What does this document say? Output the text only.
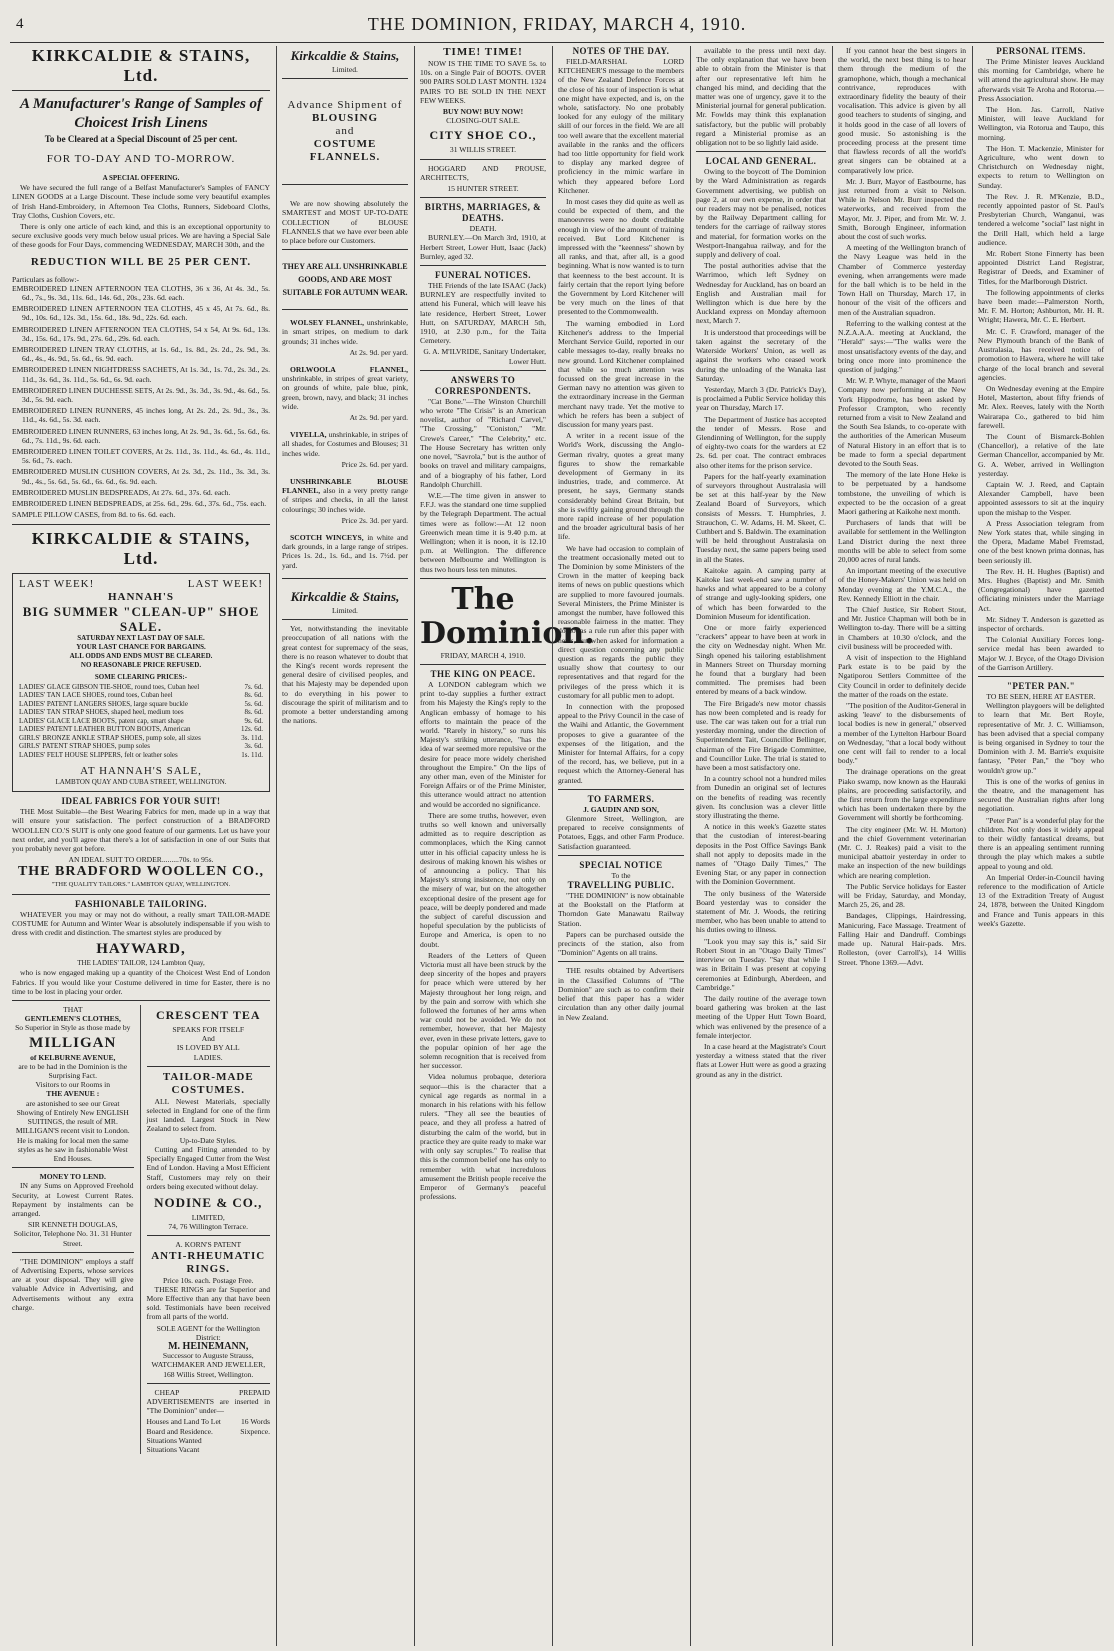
4	THE DOMINION, FRIDAY, MARCH 4, 1910.
KIRKCALDIE & STAINS, Ltd.
A Manufacturer's Range of Samples of Choicest Irish Linens
To be Cleared at a Special Discount of 25 per cent.
FOR TO-DAY AND TO-MORROW.
A SPECIAL OFFERING.

We have secured the full range of a Belfast Manufacturer's Samples of FANCY LINEN GOODS at a Large Discount. These include some very beautiful examples of Irish Hand-Embroidery, in Afternoon Tea Cloths, Runners, Sideboard Cloths, Tray Cloths, Cushion Covers, etc.

There is only one article of each kind, and this is an exceptional opportunity to secure exclusive goods very much below usual prices. We are having a Special Sale of these goods for Four Days, commencing WEDNESDAY, MARCH 30th, and the

REDUCTION WILL BE 25 PER CENT.
Particulars as follow:-
EMBROIDERED LINEN AFTERNOON TEA CLOTHS, 36 x 36, At 4s. 3d., 5s. 6d., 7s., 9s. 3d., 11s. 6d., 14s. 6d., 20s., 23s. 6d. each.
EMBROIDERED LINEN AFTERNOON TEA CLOTHS, 45 x 45, At 7s. 6d., 8s. 9d., 10s. 6d., 12s. 3d., 15s. 6d., 18s. 9d., 22s. 6d. each.
EMBROIDERED LINEN AFTERNOON TEA CLOTHS, 54 x 54, At 9s. 6d., 13s. 3d., 15s. 6d., 17s. 9d., 27s. 6d., 29s. 6d. each.
EMBROIDERED LINEN TRAY CLOTHS, at 1s. 6d., 1s. 8d., 2s. 2d., 2s. 9d., 3s. 6d., 4s., 4s. 9d., 5s. 6d., 6s. 9d. each.
EMBROIDERED LINEN NIGHTDRESS SACHETS, At 1s. 3d., 1s. 7d., 2s. 3d., 2s. 11d., 3s. 6d., 3s. 11d., 5s. 6d., 6s. 9d. each.
EMBROIDERED LINEN DUCHESSE SETS, At 2s. 9d., 3s. 3d., 3s. 9d., 4s. 6d., 5s. 3d., 5s. 9d. each.
EMBROIDERED LINEN RUNNERS, 45 inches long, At 2s. 2d., 2s. 9d., 3s., 3s. 11d., 4s. 6d., 5s. 3d. each.
EMBROIDERED LINEN RUNNERS, 63 inches long, At 2s. 9d., 3s. 6d., 5s. 6d., 6s. 6d., 7s. 11d., 9s. 6d. each.
EMBROIDERED LINEN TOILET COVERS, At 2s. 11d., 3s. 11d., 4s. 6d., 4s. 11d., 5s. 6d., 7s. each.
EMBROIDERED MUSLIN CUSHION COVERS, At 2s. 3d., 2s. 11d., 3s. 3d., 3s. 9d., 4s., 5s. 6d., 5s. 6d., 6s. 6d., 6s. 9d. each.
EMBROIDERED MUSLIN BEDSPREADS, At 27s. 6d., 37s. 6d. each.
EMBROIDERED LINEN BEDSPREADS, at 25s. 6d., 29s. 6d., 37s. 6d., 75s. each.
SAMPLE PILLOW CASES, from 8d. to 6s. 6d. each.
KIRKCALDIE & STAINS, Ltd.
LAST WEEK!	LAST WEEK!
HANNAH'S
BIG SUMMER "CLEAN-UP" SHOE SALE.
SATURDAY NEXT LAST DAY OF SALE.
YOUR LAST CHANCE FOR BARGAINS.
ALL ODDS AND ENDS MUST BE CLEARED.
NO REASONABLE PRICE REFUSED.
SOME CLEARING PRICES:-
LADIES' GLACE GIBSON TIE-SHOE, round toes, Cuban heel	7s. 6d.
LADIES' TAN LACE SHOES, round toes, Cuban heel	8s. 6d.
LADIES' PATENT LANGERS SHOES, large square buckle	5s. 6d.
LADIES' TAN STRAP SHOES, shaped heel, medium toes	8s. 6d.
LADIES' GLACE LACE BOOTS, patent cap, smart shape	9s. 6d.
LADIES' PATENT LEATHER BUTTON BOOTS, American	12s. 6d.
GIRLS' BRONZE ANKLE STRAP SHOES, pump sole, all sizes	3s. 11d.
GIRLS' PATENT STRAP SHOES, pump soles	3s. 6d.
LADIES' FELT HOUSE SLIPPERS, felt or leather soles	1s. 11d.
AT HANNAH'S SALE,
LAMBTON QUAY AND CUBA STREET, WELLINGTON.
IDEAL FABRICS FOR YOUR SUIT!

THE Most Suitable—the Best Wearing Fabrics for men, made up in a way that will ensure your satisfaction. The perfect construction of a BRADFORD WOOLLEN CO.'S SUIT is only one good feature of our garments. Let us have your next order, and you'll agree that there's a lot of satisfaction in one of our Suits that you probably never got before.

AN IDEAL SUIT TO ORDER.........70s. to 95s.
THE BRADFORD WOOLLEN CO.,
"THE QUALITY TAILORS." LAMBTON QUAY, WELLINGTON.
FASHIONABLE TAILORING.

WHATEVER you may or may not do without, a really smart TAILOR-MADE COSTUME for Autumn and Winter Wear is absolutely indispensable if you wish to dress with credit and distinction. The smartest styles are produced by

HAYWARD,
THE LADIES' TAILOR, 124 Lambton Quay,

who is now engaged making up a quantity of the Choicest West End of London Fabrics. If you would like your Costume delivered in time for Easter, there is no time to be lost in placing your order.

THAT
GENTLEMEN'S CLOTHES,
So Superior in Style as those made by
MILLIGAN
of KELBURNE AVENUE,
are to be had in the Dominion is the Surprising Fact.
Visitors to our Rooms in
THE AVENUE :
are astonished to see our Great Showing of Entirely New ENGLISH SUITINGS, the result of MR. MILLIGAN'S recent visit to London. He is making for local men the same styles as he saw in fashionable West End Houses.
MONEY TO LEND.

IN any Sums on Approved Freehold Security, at Lowest Current Rates. Repayment by instalments can be arranged.

SIR KENNETH DOUGLAS,
Solicitor, Telephone No. 31. 31 Hunter Street.

"THE DOMINION" employs a staff of Advertising Experts, whose services are at your disposal. They will give valuable Advice in Advertising, and Advertisements without any extra charge.

CRESCENT TEA
SPEAKS FOR ITSELF
And
IS LOVED BY ALL
LADIES.
TAILOR-MADE
COSTUMES.

ALL Newest Materials, specially selected in England for one of the firm just landed. Largest Stock in New Zealand to select from.

Up-to-Date Styles.

Cutting and Fitting attended to by Specially Engaged Cutter from the West End of London. Having a Most Efficient Staff, Customers may rely on their orders being executed without delay.

NODINE & CO.,
LIMITED,
74, 76 Willington Terrace.
A. KORN'S PATENT
ANTI-RHEUMATIC
RINGS.
Price 10s. each. Postage Free.

THESE RINGS are far Superior and More Effective than any that have been sold. Testimonials have been received from all parts of the world.

SOLE AGENT for the Wellington District:
M. HEINEMANN,
Successor to Auguste Strauss,
WATCHMAKER AND JEWELLER,
168 Willis Street, Wellington.

CHEAP PREPAID ADVERTISEMENTS are inserted in "The Dominion" under—

Houses and Land To Let
Board and Residence.
Situations Wanted
Situations Vacant
16 Words
Sixpence.
Kirkcaldie & Stains,
Limited.
Advance Shipment of
BLOUSING
and
COSTUME FLANNELS.

We are now showing absolutely the SMARTEST and MOST UP-TO-DATE COLLECTION of BLOUSE FLANNELS that we have ever been able to place before our Customers.

THEY ARE ALL UNSHRINKABLE GOODS, AND ARE MOST SUITABLE FOR AUTUMN WEAR.

WOLSEY FLANNEL, unshrinkable, in smart stripes, on medium to dark grounds; 31 inches wide.

At 2s. 9d. per yard.

ORLWOOLA FLANNEL, unshrinkable, in stripes of great variety, on grounds of white, pale blue, pink, green, brown, navy, and black; 31 inches wide.

At 2s. 9d. per yard.

VIYELLA, unshrinkable, in stripes of all shades, for Costumes and Blouses; 31 inches wide.

Price 2s. 6d. per yard.

UNSHRINKABLE BLOUSE FLANNEL, also in a very pretty range of stripes and checks, in all the latest colourings; 30 inches wide.

Price 2s. 3d. per yard.

SCOTCH WINCEYS, in white and dark grounds, in a large range of stripes. Prices 1s. 2d., 1s. 6d., and 1s. 7½d. per yard.

Kirkcaldie & Stains,
Limited.

Yet, notwithstanding the inevitable preoccupation of all nations with the great contest for supremacy of the seas, there is no reason whatever to doubt that the King's recent words represent the general desire of civilised peoples, and that his Majesty may be depended upon to do everything in his power to discourage the spirit of militarism and to promote a better understanding among the nations.

TIME! TIME!

NOW IS THE TIME TO SAVE 5s. to 10s. on a Single Pair of BOOTS. OVER 900 PAIRS SOLD LAST MONTH. 1324 PAIRS TO BE SOLD IN THE NEXT FEW WEEKS.

BUY NOW! BUY NOW!
CLOSING-OUT SALE.
CITY SHOE CO.,
31 WILLIS STREET.

HOGGARD AND PROUSE, ARCHITECTS,

15 HUNTER STREET.
BIRTHS, MARRIAGES, & DEATHS.
DEATH.

BURNLEY.—On March 3rd, 1910, at Herbert Street, Lower Hutt, Isaac (Jack) Burnley, aged 32.

FUNERAL NOTICES.

THE Friends of the late ISAAC (Jack) BURNLEY are respectfully invited to attend his Funeral, which will leave his late residence, Herbert Street, Lower Hutt, on SATURDAY, MARCH 5th, 1910, at 2.30 p.m., for the Taita Cemetery.

G. A. M'ILVRIDE, Sanitary Undertaker, Lower Hutt.
ANSWERS TO CORRESPONDENTS.

"Cat Bone."—The Winston Churchill who wrote "The Crisis" is an American novelist, author of "Richard Carvel," "The Crossing," "Coniston," "Mr. Crewe's Career," "The Celebrity," etc. The House Secretary has written only one novel, "Savrola," but is the author of books on travel and military campaigns, and of a biography of his father, Lord Randolph Churchill.

W.E.—The time given in answer to F.F.J. was the standard one time supplied by the Telegraph Department. The actual times were as follow:—At 12 noon Greenwich mean time it is 9.40 p.m. at Wellington; when it is noon, it is 12.10 p.m. at Wellington. The difference between Melbourne and Wellington is thus two hours less ten minutes.

The Dominion.
FRIDAY, MARCH 4, 1910.
THE KING ON PEACE.

A LONDON cablegram which we print to-day supplies a further extract from his Majesty the King's reply to the Anglican embassy of homage to his efforts to maintain the peace of the world. "Rarely in history," so runs his Majesty's striking utterance, "has the idea of war seemed more repulsive or the desire for peace more widely cherished throughout the Empire." On the lips of any other man, even of the Minister for Foreign Affairs or of the Prime Minister, this utterance would attract no attention and would be accorded no significance.

There are some truths, however, even truths so well known and universally admitted as to require description as commonplaces, which the King cannot utter in his official capacity unless he is desirous of making known his wishes or of announcing a policy. That his Majesty's strong insistence, not only on the misery of war, but on the altogether exceptional desire of the present age for peace, will be deeply pondered and made the subject of careful discussion and hopeful speculation by the publicists of Europe and America, is open to no doubt.

Readers of the Letters of Queen Victoria must all have been struck by the deep sincerity of the hopes and prayers for peace which were uttered by her Majesty throughout her long reign, and by the pain and sorrow with which she followed the fortunes of her arms when war could not be avoided. We do not remember, however, that her Majesty ever, even in these private letters, gave to the popular opinion of her age the solemn recognition that is received from her successor.

Videa nolumus probaque, deteriora sequor—this is the character that a cynical age regards as normal in a monarch in his relations with his fellow rulers. "They all see the beauties of peace, and they all profess a hatred of disturbing the calm of the world, but in practice they are quite ready to make war with only say scruples." To realise that this is the common belief one has only to remember with what incredulous amusement the British people receive the Emperor of Germany's peaceful professions.

NOTES OF THE DAY.

FIELD-MARSHAL LORD KITCHENER'S message to the members of the New Zealand Defence Forces at the close of his tour of inspection is what one might have expected, and is, on the whole, satisfactory. No one probably looked for any eulogy of the military skill of our forces in the field. We are all too well aware that the excellent material available in the ranks and the officers had too little opportunity for field work to display any marked degree of proficiency in the mimic warfare in which they appeared before Lord Kitchener.

In most cases they did quite as well as could be expected of them, and the manoeuvres were no doubt creditable enough in view of the amount of training received. But Lord Kitchener is impressed with the "keenness" shown by all ranks, and that, after all, is a good beginning. What is now wanted is to turn that keenness to the best account. It is fairly certain that the report lying before the Government by Lord Kitchener will be very much on the lines of that presented to the Commonwealth.

The warning embodied in Lord Kitchener's address to the Imperial Merchant Service Guild, reported in our cable messages to-day, really breaks no new ground. Lord Kitchener complained that while so much attention was focussed on the great increase in the German navy no attention was given to the extraordinary increase in the German merchant navy trade. Yet the motive to which he refers has been a subject of discussion for many years past.

A writer in a recent issue of the World's Work, discussing the Anglo-German rivalry, quotes a great many figures to show the remarkable development of Germany in its industries, trade, and commerce. At present, he says, Germany stands considerably behind Great Britain, but she is swiftly gaining ground through the more rapid increase of her population and the broader agricultural basis of her life.

We have had occasion to complain of the treatment occasionally meted out to The Dominion by some Ministers of the Crown in the matter of keeping back items of news on public questions which are supplied to more favoured journals. Several Ministers, the Prime Minister is amongst the number, have followed this reasonable fairness in the matter. They do not as a rule run after this paper with news, but when asked for information a direct question concerning any public question as regards the public they usually show that courtesy to our representatives and that regard for the privileges of the press which it is customary for all public men to adopt.

In connection with the proposed appeal to the Privy Council in the case of the Waihi and Atlantic, the Government proposes to give a guarantee of the expenses of the litigation, and the Minister for Internal Affairs, for a copy of the record, has, we believe, put in a request which the Attorney-General has granted.

TO FARMERS.
J. GAUDIN AND SON,

Glenmore Street, Wellington, are prepared to receive consignments of Potatoes, Eggs, and other Farm Produce. Satisfaction guaranteed.

SPECIAL NOTICE
To the
TRAVELLING PUBLIC.

"THE DOMINION" is now obtainable at the Bookstall on the Platform at Thorndon Gate Manawatu Railway Station.

Papers can be purchased outside the precincts of the station, also from "Dominion" Agents on all trains.

THE results obtained by Advertisers in the Classified Columns of "The Dominion" are such as to confirm their belief that this paper has a wider circulation than any other daily journal in New Zealand.

available to the press until next day. The only explanation that we have been able to obtain from the Minister is that after our representative left him he changed his mind, and deciding that the matter was one of urgency, gave it to the Ministerial journal for general publication. Mr. Fowlds may think this explanation satisfactory, but the public will probably regard a Ministerial promise as an obligation not to be so lightly laid aside.

LOCAL AND GENERAL.

Owing to the boycott of The Dominion by the Ward Administration as regards Government advertising, we publish on page 2, at our own expense, in order that our readers may not be penalised, notices by the Railway Department calling for tenders for the carriage of railway stores and material, for formation works on the Westport-Inangahua railway, and for the supply and delivery of coal.

The postal authorities advise that the Warrimoo, which left Sydney on Wednesday for Auckland, has on board an English and Australian mail for Wellington which is due here by the Auckland express on Monday afternoon next, March 7.

It is understood that proceedings will be taken against the secretary of the Waterside Workers' Union, as well as against the workers who ceased work during the unloading of the Wanaka last Saturday.

Yesterday, March 3 (Dr. Patrick's Day), is proclaimed a Public Service holiday this year on Thursday, March 17.

The Department of Justice has accepted the tender of Messrs. Rose and Glendinning of Wellington, for the supply of eighty-two coats for the warders at £2 2s. 6d. per coat. The contract embraces also other items for the prison service.

Papers for the half-yearly examination of surveyors throughout Australasia will be set at this half-year by the New Zealand Board of Surveyors, which consists of Messrs. T. Humphries, J. Strauchon, C. W. Adams, H. M. Skeet, C. Cuthbert and S. Baldwin. The examination will be held throughout Australasia on Tuesday next, the same papers being used in all the States.

Kaitoke again. A camping party at Kaitoke last week-end saw a number of hawks and what appeared to be a colony of strange and ugly-looking spiders, one of which has been forwarded to the Dominion Museum for identification.

One or more fairly experienced "crackers" appear to have been at work in the city on Wednesday night. When Mr. Singh opened his tailoring establishment in Manners Street on Thursday morning he found that a burglary had been committed. The premises had been entered by means of a back window.

The Fire Brigade's new motor chassis has now been completed and is ready for use. The car was taken out for a trial run yesterday morning, under the direction of Superintendent Tait, Councillor Bellinger, chairman of the Fire Brigade Committee, and Councillor Luke. The trial is stated to have been a most satisfactory one.

In a country school not a hundred miles from Dunedin an original set of lectures on the benefits of reading was recently given. Its conclusion was a clever little story illustrating the theme.

A notice in this week's Gazette states that the custodian of interest-bearing deposits in the Post Office Savings Bank shall not apply to deposits made in the names of "Otago Daily Times," The Evening Star, or any paper in connection with the Dominion Government.

The only business of the Waterside Board yesterday was to consider the statement of Mr. J. Woods, the retiring member, who has been unable to attend to his duties owing to illness.

"Look you may say this is," said Sir Robert Stout in an "Otago Daily Times" interview on Tuesday. "Say that while I was in Britain I was present at copying ceremonies at Edinburgh, Aberdeen, and Cambridge."

The daily routine of the average town board gathering was broken at the last meeting of the Upper Hutt Town Board, which was enlivened by the presence of a female interjector.

In a case heard at the Magistrate's Court yesterday a witness stated that the river flats at Lower Hutt were as good a grazing ground as any in the district.

If you cannot hear the best singers in the world, the next best thing is to hear them through the medium of the gramophone, which, though a mechanical contrivance, reproduces with extraordinary fidelity the beauty of their vocalisation. This advice is given by all good teachers to students of singing, and it holds good in the case of all lovers of good music. So astonishing is the proceeding process at the present time that flawless records of all the world's great singers can be obtained at a comparatively low price.

Mr. J. Burr, Mayor of Eastbourne, has just returned from a visit to Nelson. While in Nelson Mr. Burr inspected the waterworks, and received from the Mayor, Mr. J. Piper, and from Mr. W. J. Smith, Borough Engineer, information about the cost of such works.

A meeting of the Wellington branch of the Navy League was held in the Chamber of Commerce yesterday evening, when arrangements were made for the ball which is to be held in the Town Hall on Thursday, March 17, in honour of the visit of the officers and men of the Australian squadron.

Referring to the walking contest at the N.Z.A.A.A. meeting at Auckland, the "Herald" says:—"The walks were the most unsatisfactory events of the day, and bring once more into prominence the question of judging."

Mr. W. P. Whyte, manager of the Maori Company now performing at the New York Hippodrome, has been asked by Professor Crampton, who recently returned from a visit to New Zealand and the South Sea Islands, to co-operate with the authorities of the American Museum of Natural History in an effort that is to be made to form a special department devoted to the South Seas.

The memory of the late Hone Heke is to be perpetuated by a handsome tombstone, the unveiling of which is expected to be the occasion of a great Maori gathering at Kaikohe next month.

Purchasers of lands that will be available for settlement in the Wellington Land District during the next three months will be able to select from some 20,000 acres of rural lands.

An important meeting of the executive of the Honey-Makers' Union was held on Monday evening at the Y.M.C.A., the Rev. Kennedy Elliott in the chair.

The Chief Justice, Sir Robert Stout, and Mr. Justice Chapman will both be in Wellington to-day. There will be a sitting in Chambers at 10.30 o'clock, and the civil business will be proceeded with.

A visit of inspection to the Highland Park estate is to be paid by the Ngatiporou Settlers Committee of the City Council in order to definitely decide the matter of the roads on the estate.

"The position of the Auditor-General in asking 'leave' to the disbursements of local bodies is new in general," observed a member of the Lyttelton Harbour Board on Wednesday, "that a local body without one cent will fail to render to a local body."

The drainage operations on the great Piako swamp, now known as the Hauraki plains, are proceeding satisfactorily, and the first return from the large expenditure which has been undertaken there by the Government will shortly be forthcoming.

The city engineer (Mr. W. H. Morton) and the chief Government veterinarian (Mr. C. J. Reakes) paid a visit to the municipal abattoir yesterday in order to make an inspection of the new buildings which are nearing completion.

The Public Service holidays for Easter will be Friday, Saturday, and Monday, March 25, 26, and 28.

Bandages, Clippings, Hairdressing, Manicuring, Face Massage. Treatment of Falling Hair and Dandruff. Combings made up. Natural Hair-pads. Mrs. Rolleston, (over Carroll's), 14 Willis Street. 'Phone 1369.—Advt.

PERSONAL ITEMS.

The Prime Minister leaves Auckland this morning for Cambridge, where he will attend the agricultural show. He may afterwards visit Te Aroha and Rotorua.—Press Association.

The Hon. Jas. Carroll, Native Minister, will leave Auckland for Wellington, via Rotorua and Taupo, this morning.

The Hon. T. Mackenzie, Minister for Agriculture, who went down to Christchurch on Wednesday night, expects to return to Wellington on Sunday.

The Rev. J. R. M'Kenzie, B.D., recently appointed pastor of St. Paul's Presbyterian Church, Wanganui, was tendered a welcome "social" last night in the Drill Hall, which held a large audience.

Mr. Robert Stone Finnerty has been appointed District Land Registrar, Registrar of Deeds, and Examiner of Titles, for the Marlborough District.

The following appointments of clerks have been made:—Palmerston North, Mr. F. M. Horton; Ashburton, Mr. H. R. Wright; Hawera, Mr. C. E. Herbert.

Mr. C. F. Crawford, manager of the New Plymouth branch of the Bank of Australasia, has received notice of promotion to Hawera, where he will take charge of the local branch and several agencies.

On Wednesday evening at the Empire Hotel, Masterton, about fifty friends of Mr. Alex. Reeves, lately with the North Wairarapa Co., gathered to bid him farewell.

The Count of Bismarck-Bohlen (Chancellor), a relative of the late German Chancellor, accompanied by Mr. G. A. Weber, arrived in Wellington yesterday.

Captain W. J. Reed, and Captain Alexander Campbell, have been appointed assessors to sit at the inquiry upon the mishap to the Vesper.

A Press Association telegram from New York states that, while singing in the Opera, Madame Mabel Fremstad, one of the best known prima donnas, has been seriously ill.

The Rev. H. H. Hughes (Baptist) and Mrs. Hughes (Baptist) and Mr. Smith (Congregational) have gazetted officiating ministers under the Marriage Act.

Mr. Sidney T. Anderson is gazetted as inspector of orchards.

The Colonial Auxiliary Forces long-service medal has been awarded to Major W. J. Bryce, of the Otago Division of the Garrison Artillery.

"PETER PAN."
TO BE SEEN, HERE AT EASTER.

Wellington playgoers will be delighted to learn that Mr. Bert Royle, representative of Mr. J. C. Williamson, has been advised that a special company is being organised in Sydney to tour the Dominion with J. M. Barrie's exquisite fantasy, "Peter Pan," the "boy who wouldn't grow up."

This is one of the works of genius in the theatre, and the management has secured the Australian rights after long negotiation.

"Peter Pan" is a wonderful play for the children. Not only does it widely appeal to their wildly fantastical dreams, but there is an appealing sentiment running through the play which makes a subtle appeal to young and old.

An Imperial Order-in-Council having reference to the modification of Article 13 of the Extradition Treaty of August 24, 1878, between the United Kingdom and France and Tunis appears in this week's Gazette.
